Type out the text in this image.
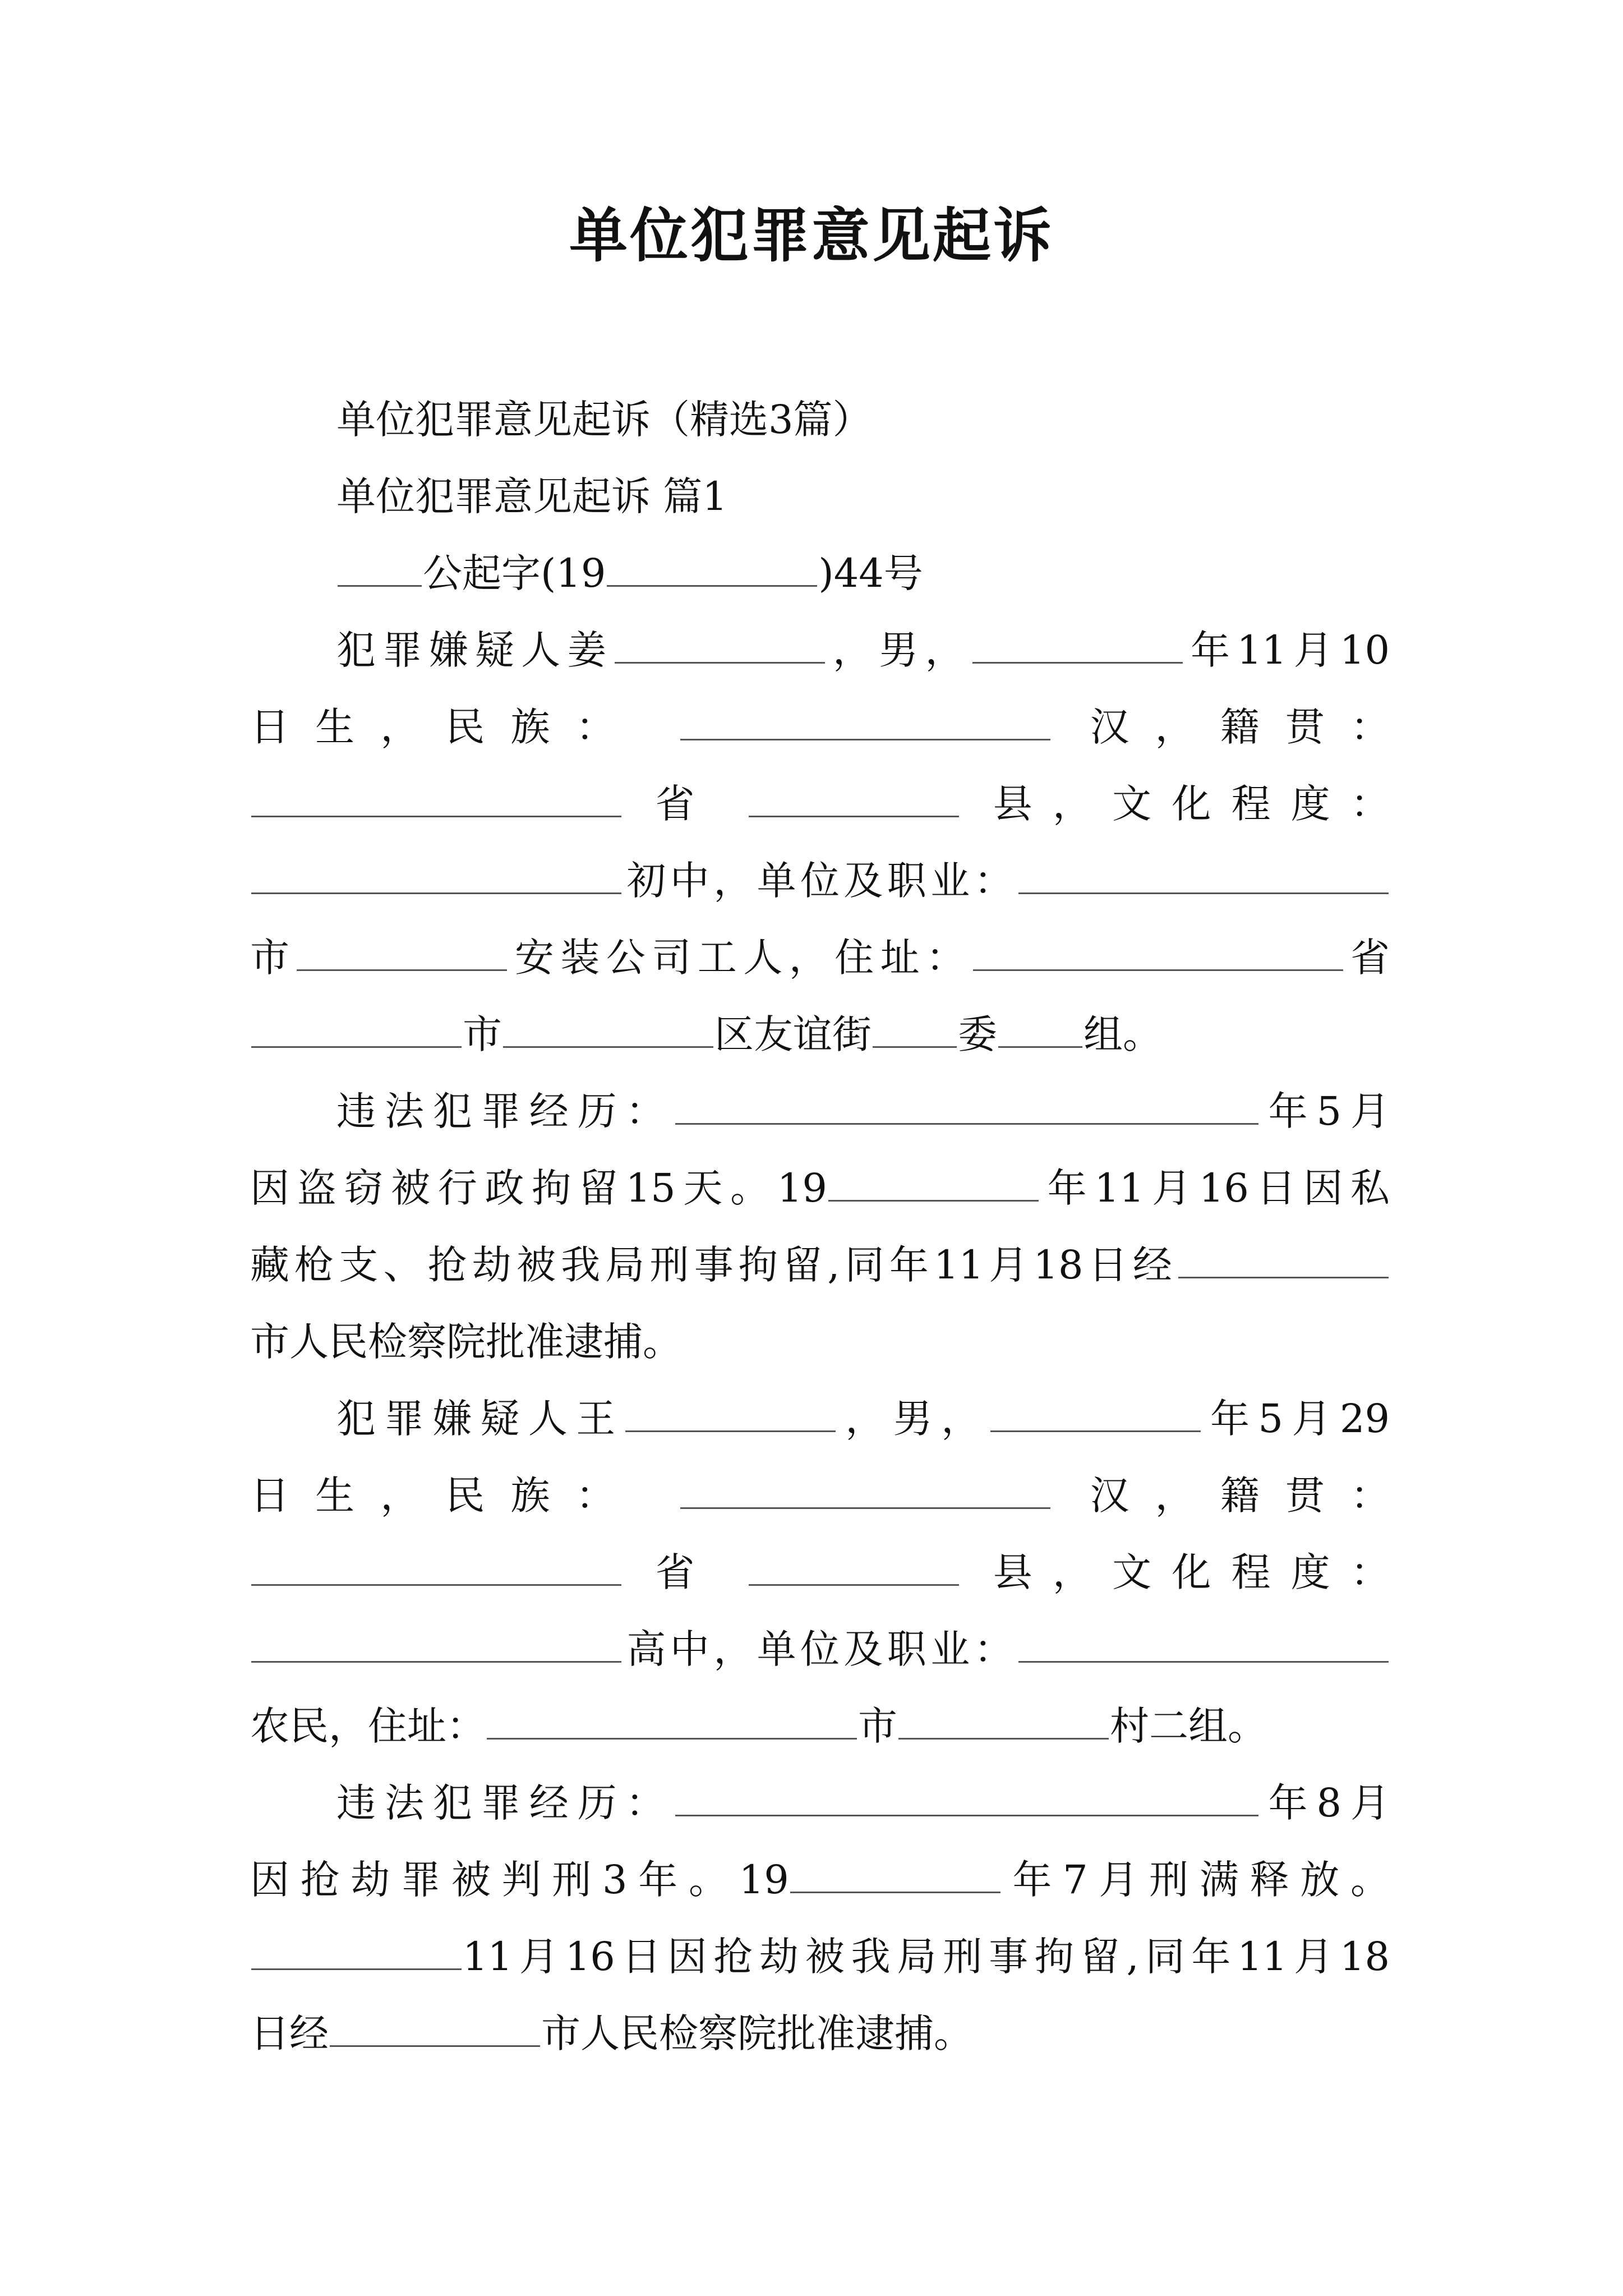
单位犯罪意见起诉

单位犯罪意见起诉（精选3篇）

单位犯罪意见起诉 篇1

公起字(19	)44号

犯罪嫌疑人姜	，男，	年11月10

日生，民族：	汉，籍贯：

省	县，文化程度：

初中，单位及职业：

市	安装公司工人，住址：	省

市	区友谊街 委 组。

违法犯罪经历：	年5月

因盗窃被行政拘留15天。19	年11月16日因私

藏枪支、抢劫被我局刑事拘留,同年11月18日经

市人民检察院批准逮捕。

犯罪嫌疑人王	，男，	年5月29

日生，民族：	汉，籍贯：

省	县，文化程度：

高中，单位及职业：

农民，住址：	市	村二组。

违法犯罪经历：	年8月

因抢劫罪被判刑3年。19	年7月刑满释放。

11月16日因抢劫被我局刑事拘留,同年11月18

日经	市人民检察院批准逮捕。
